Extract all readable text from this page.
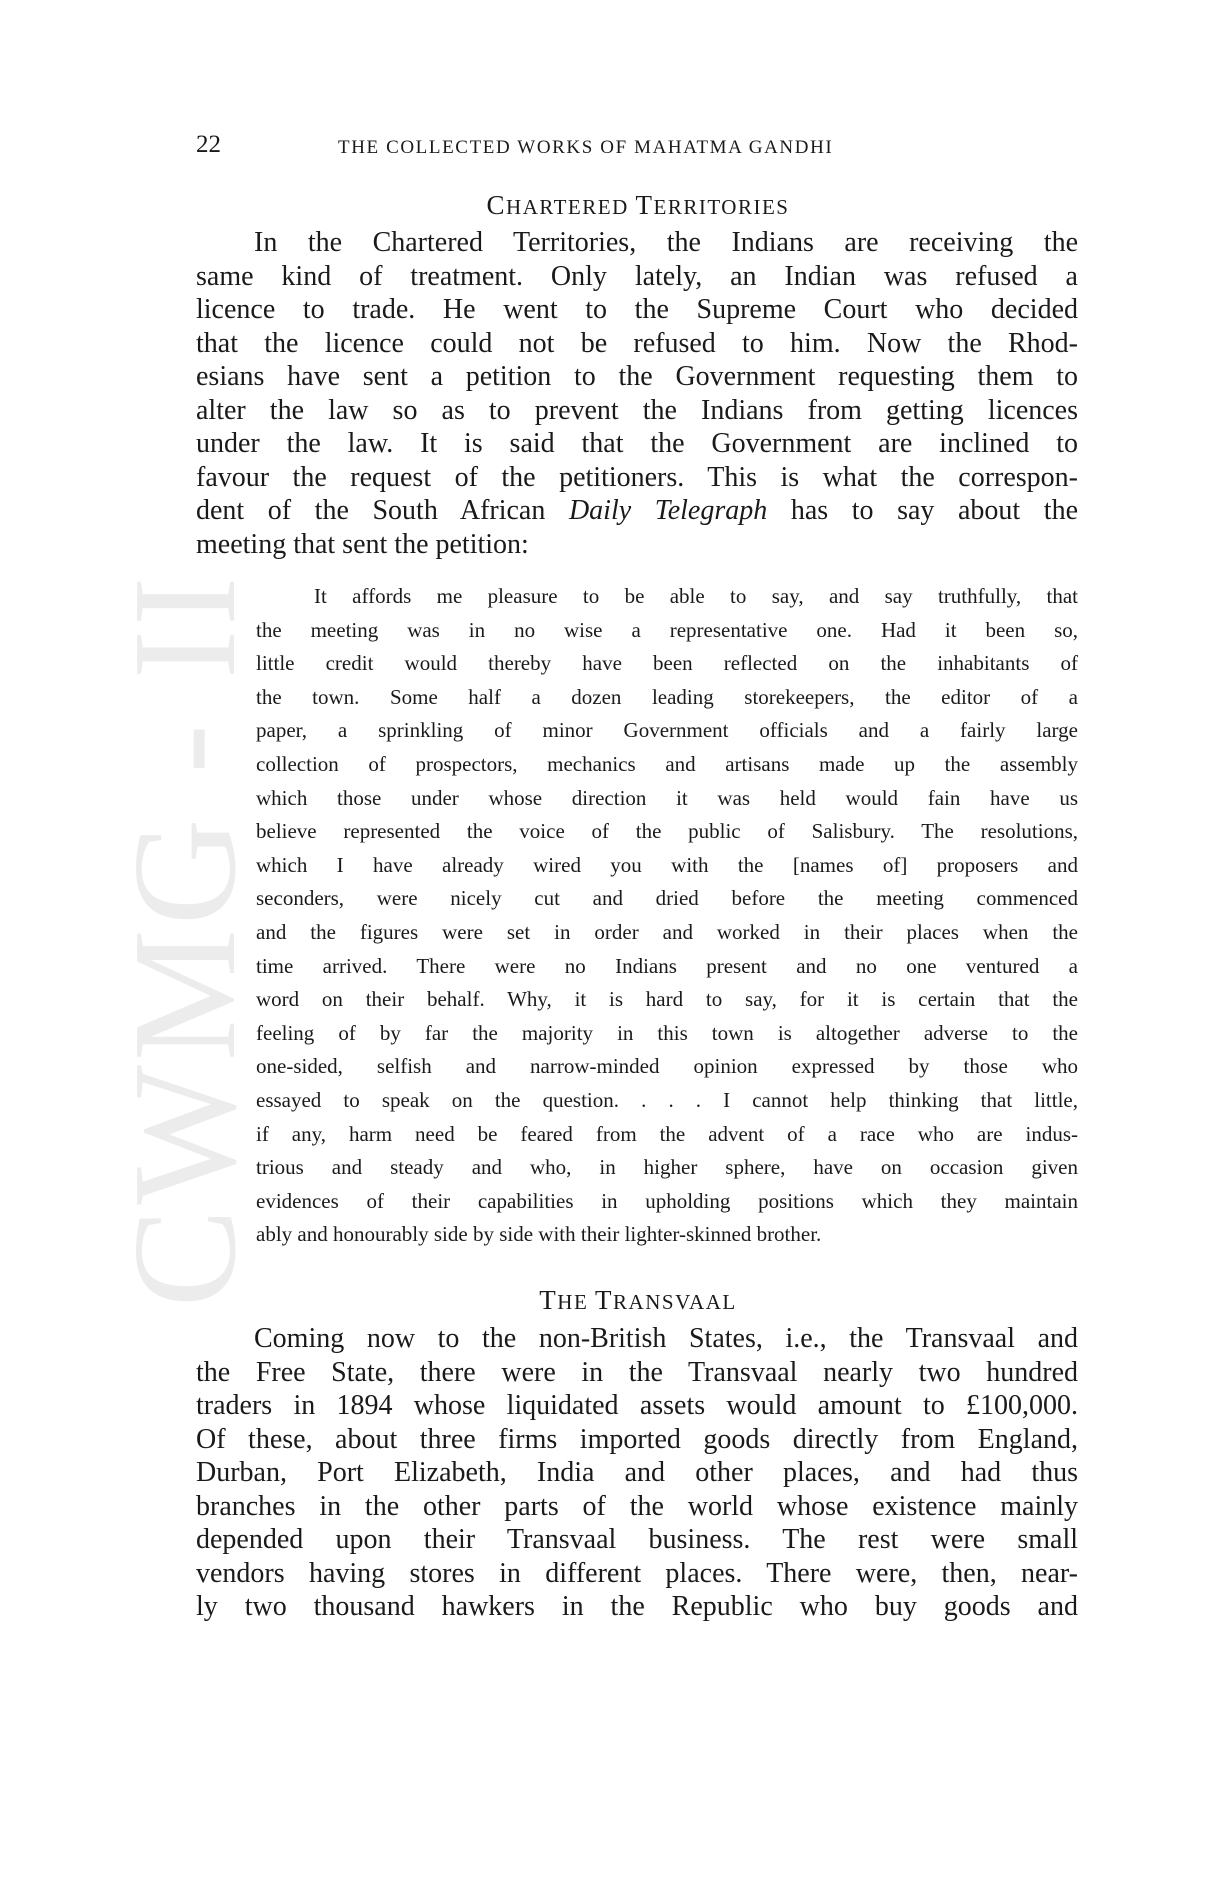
CWMG - II
22	THE COLLECTED WORKS OF MAHATMA GANDHI
CHARTERED TERRITORIES
In the Chartered Territories, the Indians are receiving the
same kind of treatment. Only lately, an Indian was refused a
licence to trade. He went to the Supreme Court who decided
that the licence could not be refused to him. Now the Rhod-
esians have sent a petition to the Government requesting them to
alter the law so as to prevent the Indians from getting licences
under the law. It is said that the Government are inclined to
favour the request of the petitioners. This is what the correspon-
dent of the South African Daily Telegraph has to say about the
meeting that sent the petition:
It affords me pleasure to be able to say, and say truthfully, that
the meeting was in no wise a representative one. Had it been so,
little credit would thereby have been reflected on the inhabitants of
the town. Some half a dozen leading storekeepers, the editor of a
paper, a sprinkling of minor Government officials and a fairly large
collection of prospectors, mechanics and artisans made up the assembly
which those under whose direction it was held would fain have us
believe represented the voice of the public of Salisbury. The resolutions,
which I have already wired you with the [names of] proposers and
seconders, were nicely cut and dried before the meeting commenced
and the figures were set in order and worked in their places when the
time arrived. There were no Indians present and no one ventured a
word on their behalf. Why, it is hard to say, for it is certain that the
feeling of by far the majority in this town is altogether adverse to the
one-sided, selfish and narrow-minded opinion expressed by those who
essayed to speak on the question. . . . I cannot help thinking that little,
if any, harm need be feared from the advent of a race who are indus-
trious and steady and who, in higher sphere, have on occasion given
evidences of their capabilities in upholding positions which they maintain
ably and honourably side by side with their lighter-skinned brother.
THE TRANSVAAL
Coming now to the non-British States, i.e., the Transvaal and
the Free State, there were in the Transvaal nearly two hundred
traders in 1894 whose liquidated assets would amount to £100,000.
Of these, about three firms imported goods directly from England,
Durban, Port Elizabeth, India and other places, and had thus
branches in the other parts of the world whose existence mainly
depended upon their Transvaal business. The rest were small
vendors having stores in different places. There were, then, near-
ly two thousand hawkers in the Republic who buy goods and
